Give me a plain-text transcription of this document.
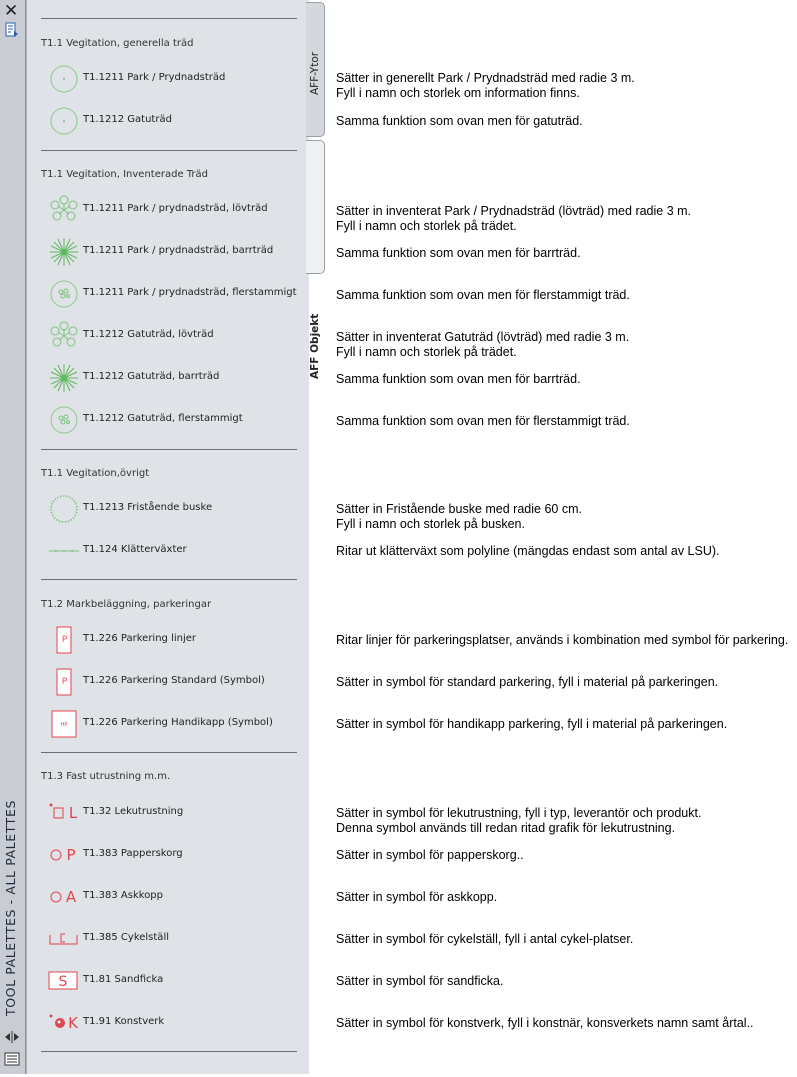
✕
TOOL PALETTES - ALL PALETTES
AFF-Ytor
AFF Objekt
T1.1 Vegitation, generella träd
T1.1 Vegitation, Inventerade Träd
T1.1 Vegitation,övrigt
T1.2 Markbeläggning, parkeringar
T1.3 Fast utrustning m.m.
T1.1211 Park / Prydnadsträd
T1.1212 Gatuträd
T1.1211 Park / prydnadsträd, lövträd
T1.1211 Park / prydnadsträd, barrträd
T1.1211 Park / prydnadsträd, flerstammigt
T1.1212 Gatuträd, lövträd
T1.1212 Gatuträd, barrträd
T1.1212 Gatuträd, flerstammigt
T1.1213 Fristående buske
T1.124 Klätterväxter
T1.226 Parkering linjer
T1.226 Parkering Standard (Symbol)
HP T1.226 Parkering Handikapp (Symbol)
L T1.32 Lekutrustning
P T1.383 Papperskorg
A T1.383 Askkopp
T1.385 Cykelställ
S T1.81 Sandficka
K T1.91 Konstverk
Sätter in generellt Park / Prydnadsträd med radie 3 m.
Fyll i namn och storlek om information finns.
Samma funktion som ovan men för gatuträd.
Sätter in inventerat Park / Prydnadsträd (lövträd) med radie 3 m.
Fyll i namn och storlek på trädet.
Samma funktion som ovan men för barrträd.
Samma funktion som ovan men för flerstammigt träd.
Sätter in inventerat Gatuträd (lövträd) med radie 3 m.
Fyll i namn och storlek på trädet.
Samma funktion som ovan men för barrträd.
Samma funktion som ovan men för flerstammigt träd.
Sätter in Fristående buske med radie 60 cm.
Fyll i namn och storlek på busken.
Ritar ut klätterväxt som polyline (mängdas endast som antal av LSU).
Ritar linjer för parkeringsplatser, används i kombination med symbol för parkering.
Sätter in symbol för standard parkering, fyll i material på parkeringen.
Sätter in symbol för handikapp parkering, fyll i material på parkeringen.
Sätter in symbol för lekutrustning, fyll i typ, leverantör och produkt.
Denna symbol används till redan ritad grafik för lekutrustning.
Sätter in symbol för papperskorg..
Sätter in symbol för askkopp.
Sätter in symbol för cykelställ, fyll i antal cykel-platser.
Sätter in symbol för sandficka.
Sätter in symbol för konstverk, fyll i konstnär, konsverkets namn samt årtal..
